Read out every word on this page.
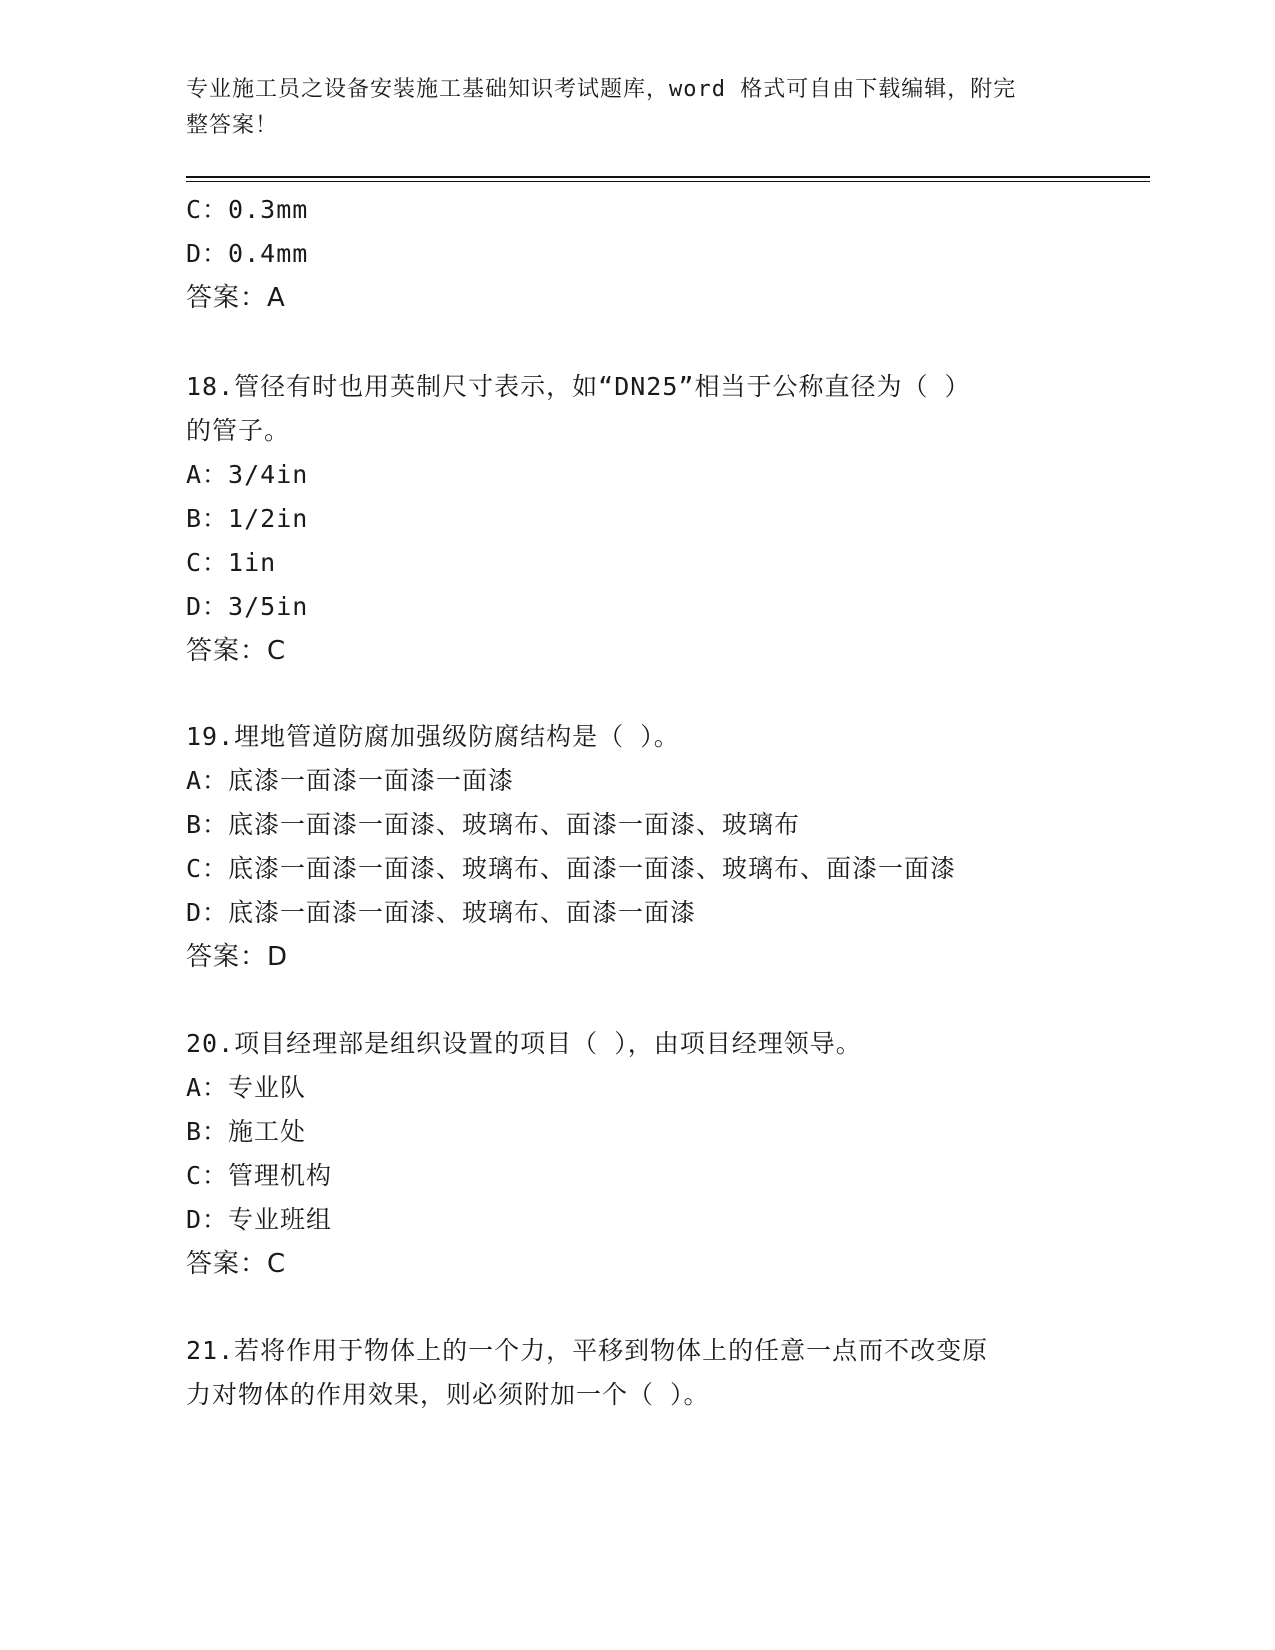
专业施工员之设备安装施工基础知识考试题库，word 格式可自由下载编辑，附完
整答案！
C：0.3mm
D：0.4mm
答案：A
18.管径有时也用英制尺寸表示，如“DN25”相当于公称直径为（ ）
的管子。
A：3/4in
B：1/2in
C：1in
D：3/5in
答案：C
19.埋地管道防腐加强级防腐结构是（ ）。
A：底漆一面漆一面漆一面漆
B：底漆一面漆一面漆、玻璃布、面漆一面漆、玻璃布
C：底漆一面漆一面漆、玻璃布、面漆一面漆、玻璃布、面漆一面漆
D：底漆一面漆一面漆、玻璃布、面漆一面漆
答案：D
20.项目经理部是组织设置的项目（ ），由项目经理领导。
A：专业队
B：施工处
C：管理机构
D：专业班组
答案：C
21.若将作用于物体上的一个力，平移到物体上的任意一点而不改变原
力对物体的作用效果，则必须附加一个（ ）。
